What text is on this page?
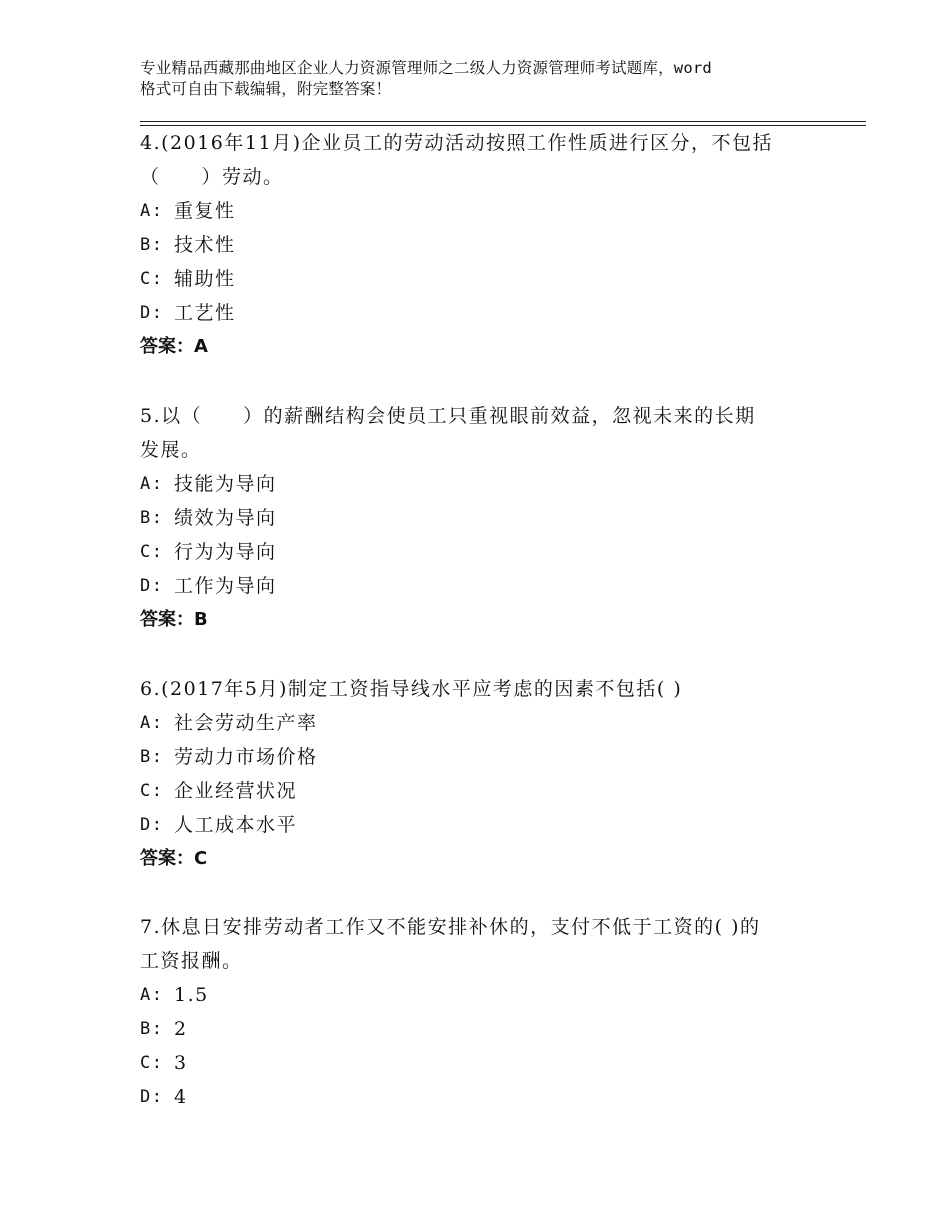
专业精品西藏那曲地区企业人力资源管理师之二级人力资源管理师考试题库，word
格式可自由下载编辑，附完整答案！

4.(2016年11月)企业员工的劳动活动按照工作性质进行区分，不包括

（　　）劳动。

A: 重复性

B: 技术性

C: 辅助性

D: 工艺性

答案：A

5.以（　　）的薪酬结构会使员工只重视眼前效益，忽视未来的长期

发展。

A: 技能为导向

B: 绩效为导向

C: 行为为导向

D: 工作为导向

答案：B

6.(2017年5月)制定工资指导线水平应考虑的因素不包括( )

A: 社会劳动生产率

B: 劳动力市场价格

C: 企业经营状况

D: 人工成本水平

答案：C

7.休息日安排劳动者工作又不能安排补休的，支付不低于工资的( )的

工资报酬。

A: 1.5

B: 2

C: 3

D: 4
